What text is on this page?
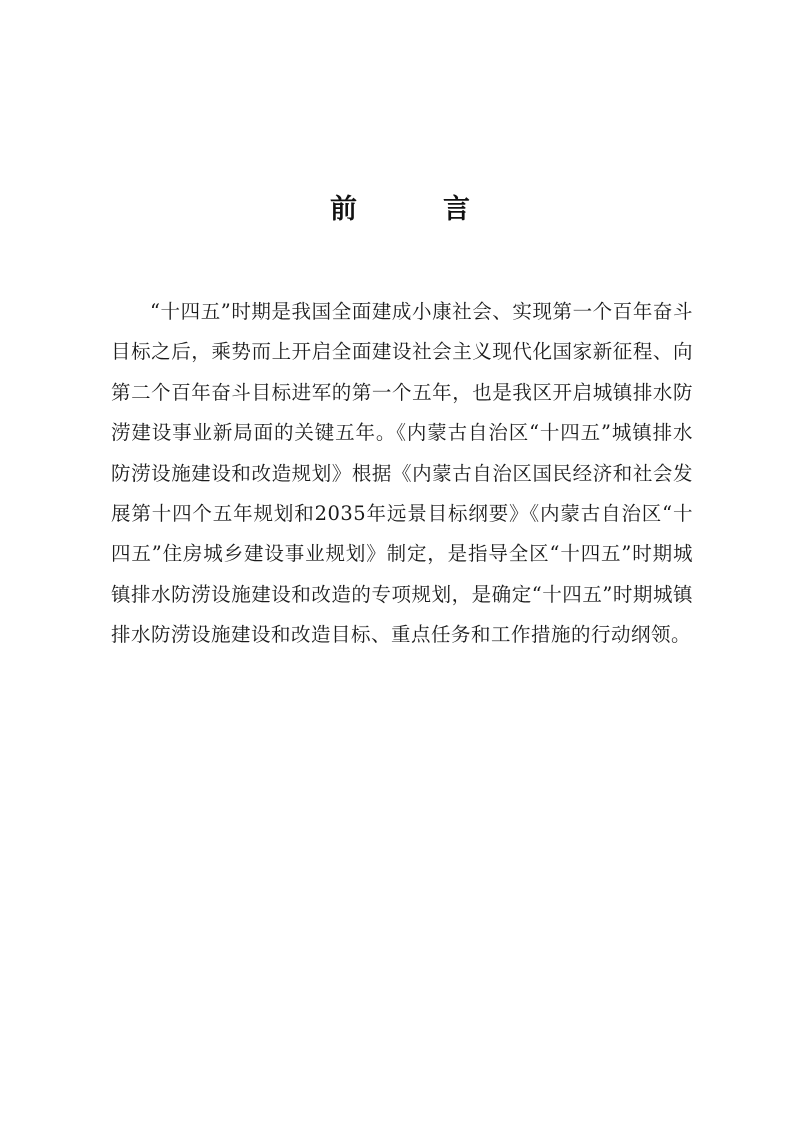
前言

“十四五”时期是我国全面建成小康社会、实现第一个百年奋斗目标之后，乘势而上开启全面建设社会主义现代化国家新征程、向第二个百年奋斗目标进军的第一个五年，也是我区开启城镇排水防涝建设事业新局面的关键五年。《内蒙古自治区“十四五”城镇排水防涝设施建设和改造规划》根据《内蒙古自治区国民经济和社会发展第十四个五年规划和2035年远景目标纲要》《内蒙古自治区“十四五”住房城乡建设事业规划》制定，是指导全区“十四五”时期城镇排水防涝设施建设和改造的专项规划，是确定“十四五”时期城镇排水防涝设施建设和改造目标、重点任务和工作措施的行动纲领。
